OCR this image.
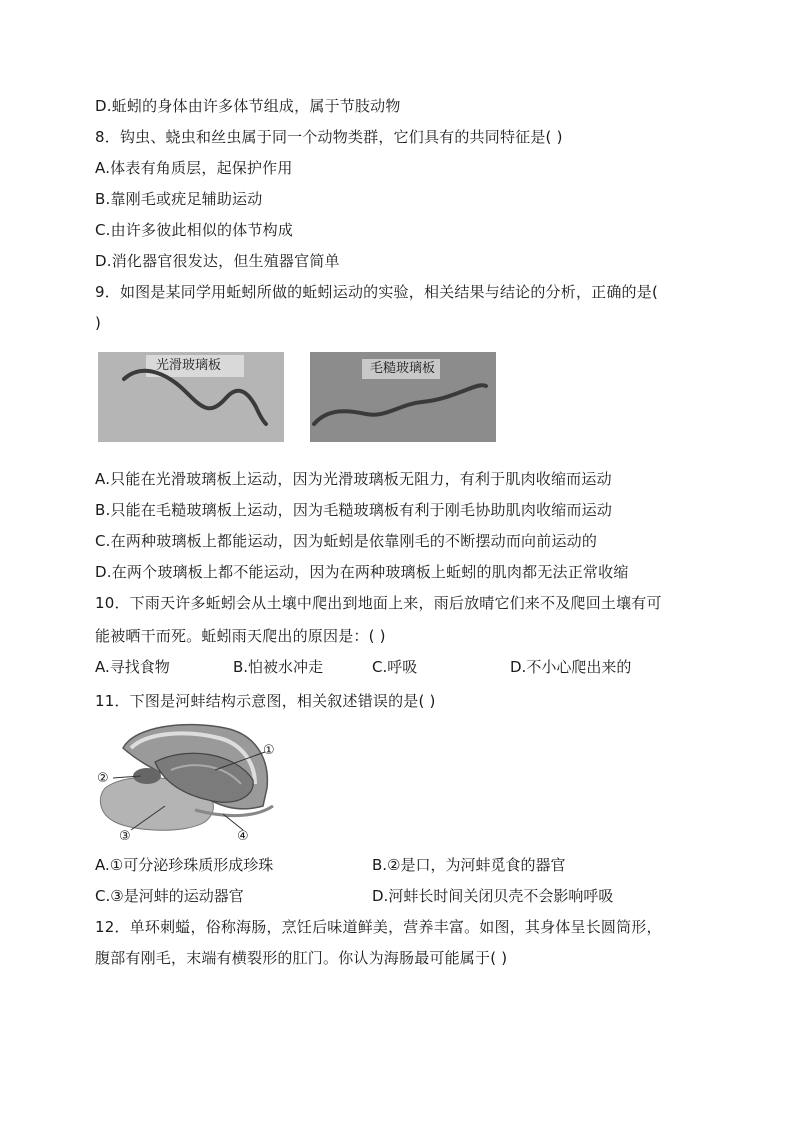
D.蚯蚓的身体由许多体节组成，属于节肢动物
8．钩虫、蛲虫和丝虫属于同一个动物类群，它们具有的共同特征是( )
A.体表有角质层，起保护作用
B.靠刚毛或疣足辅助运动
C.由许多彼此相似的体节构成
D.消化器官很发达，但生殖器官简单
9．如图是某同学用蚯蚓所做的蚯蚓运动的实验，相关结果与结论的分析，正确的是(
)
光滑玻璃板	毛糙玻璃板
A.只能在光滑玻璃板上运动，因为光滑玻璃板无阻力，有利于肌肉收缩而运动
B.只能在毛糙玻璃板上运动，因为毛糙玻璃板有利于刚毛协助肌肉收缩而运动
C.在两种玻璃板上都能运动，因为蚯蚓是依靠刚毛的不断摆动而向前运动的
D.在两个玻璃板上都不能运动，因为在两种玻璃板上蚯蚓的肌肉都无法正常收缩
10．下雨天许多蚯蚓会从土壤中爬出到地面上来，雨后放晴它们来不及爬回土壤有可
能被晒干而死。蚯蚓雨天爬出的原因是：( )
A.寻找食物	B.怕被水冲走	C.呼吸	D.不小心爬出来的
11．下图是河蚌结构示意图，相关叙述错误的是( )
①
②
③	④
A.①可分泌珍珠质形成珍珠	B.②是口，为河蚌觅食的器官
C.③是河蚌的运动器官	D.河蚌长时间关闭贝壳不会影响呼吸
12．单环刺螠，俗称海肠，烹饪后味道鲜美，营养丰富。如图，其身体呈长圆筒形，
腹部有刚毛，末端有横裂形的肛门。你认为海肠最可能属于( )
